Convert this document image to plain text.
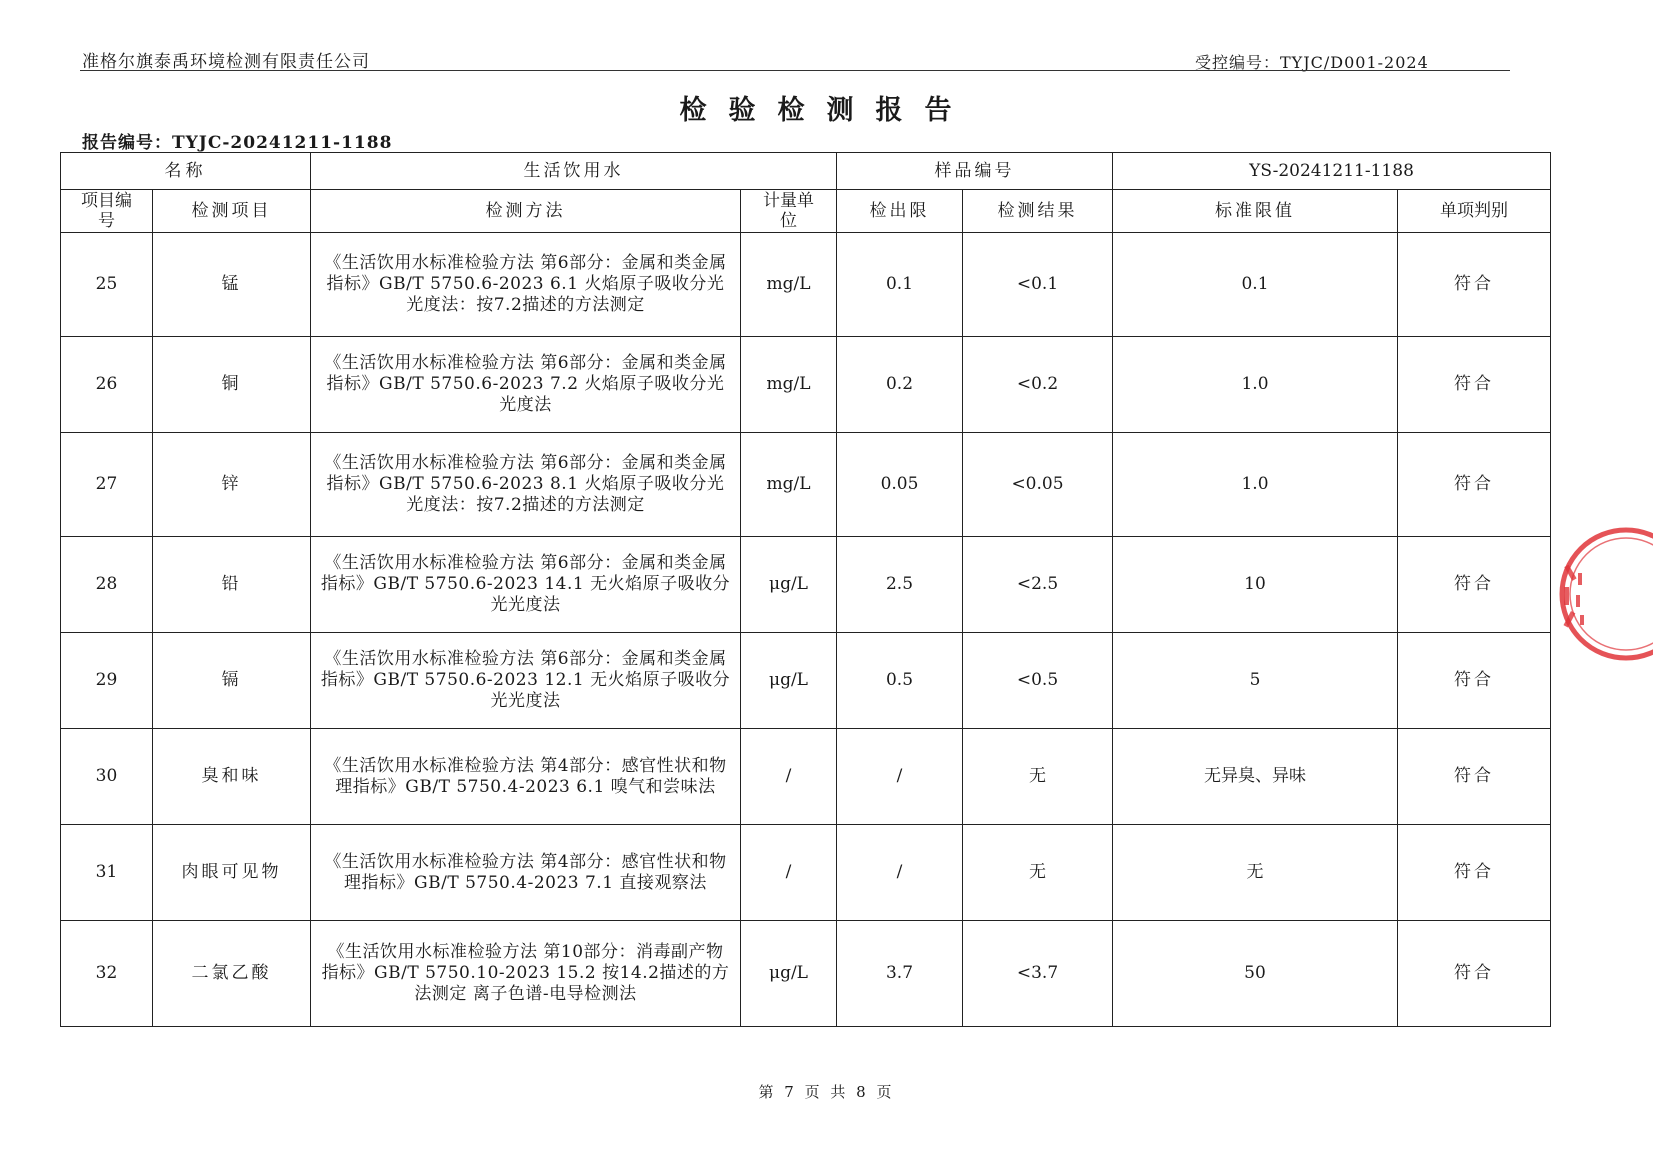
准格尔旗泰禹环境检测有限责任公司	受控编号：TYJC/D001-2024
检验检测报告
报告编号：TYJC-20241211-1188
名称		生活饮用水		样品编号		YS-20241211-1188	
项目编号	检测项目	检测方法	计量单位	检出限	检测结果	标准限值	单项判别
25	锰	《生活饮用水标准检验方法 第6部分：金属和类金属指标》GB/T 5750.6-2023 6.1 火焰原子吸收分光光度法：按7.2描述的方法测定	mg/L	0.1	<0.1	0.1	符合
26	铜	《生活饮用水标准检验方法 第6部分：金属和类金属指标》GB/T 5750.6-2023 7.2 火焰原子吸收分光光度法	mg/L	0.2	<0.2	1.0	符合
27	锌	《生活饮用水标准检验方法 第6部分：金属和类金属指标》GB/T 5750.6-2023 8.1 火焰原子吸收分光光度法：按7.2描述的方法测定	mg/L	0.05	<0.05	1.0	符合
28	铅	《生活饮用水标准检验方法 第6部分：金属和类金属指标》GB/T 5750.6-2023 14.1 无火焰原子吸收分光光度法	μg/L	2.5	<2.5	10	符合
29	镉	《生活饮用水标准检验方法 第6部分：金属和类金属指标》GB/T 5750.6-2023 12.1 无火焰原子吸收分光光度法	μg/L	0.5	<0.5	5	符合
30	臭和味	《生活饮用水标准检验方法 第4部分：感官性状和物理指标》GB/T 5750.4-2023 6.1 嗅气和尝味法	/	/	无	无异臭、异味	符合
31	肉眼可见物	《生活饮用水标准检验方法 第4部分：感官性状和物理指标》GB/T 5750.4-2023 7.1 直接观察法	/	/	无	无	符合
32	二氯乙酸	《生活饮用水标准检验方法 第10部分：消毒副产物指标》GB/T 5750.10-2023 15.2 按14.2描述的方法测定 离子色谱-电导检测法	μg/L	3.7	<3.7	50	符合
第 7 页 共 8 页
